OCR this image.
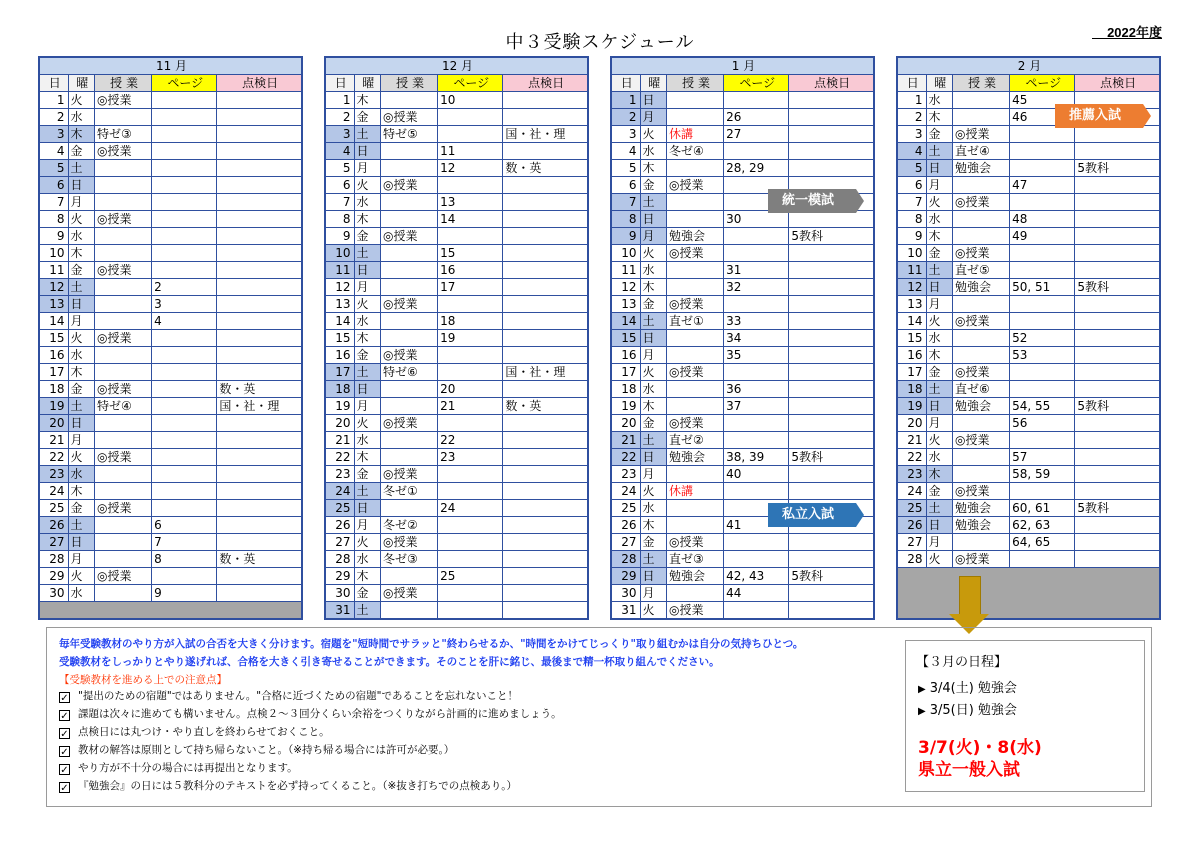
中３受験スケジュール	2022年度
11 月				
日	曜	授 業	ページ	点検日
1	火	◎授業		
2	水			
3	木	特ゼ③		
4	金	◎授業		
5	土			
6	日			
7	月			
8	火	◎授業		
9	水			
10	木			
11	金	◎授業		
12	土		2	
13	日		3	
14	月		4	
15	火	◎授業		
16	水			
17	木			
18	金	◎授業		数・英
19	土	特ゼ④		国・社・理
20	日			
21	月			
22	火	◎授業		
23	水			
24	木			
25	金	◎授業		
26	土		6	
27	日		7	
28	月		8	数・英
29	火	◎授業		
30	水		9	

12 月				
日	曜	授 業	ページ	点検日
1	木		10	
2	金	◎授業		
3	土	特ゼ⑤		国・社・理
4	日		11	
5	月		12	数・英
6	火	◎授業		
7	水		13	
8	木		14	
9	金	◎授業		
10	土		15	
11	日		16	
12	月		17	
13	火	◎授業		
14	水		18	
15	木		19	
16	金	◎授業		
17	土	特ゼ⑥		国・社・理
18	日		20	
19	月		21	数・英
20	火	◎授業		
21	水		22	
22	木		23	
23	金	◎授業		
24	土	冬ゼ①		
25	日		24	
26	月	冬ゼ②		
27	火	◎授業		
28	水	冬ゼ③		
29	木		25	
30	金	◎授業		
31	土			
1 月				
日	曜	授 業	ページ	点検日
1	日			
2	月		26	
3	火	休講	27	
4	水	冬ゼ④		
5	木		28, 29	
6	金	◎授業		
7	土			
8	日		30	
9	月	勉強会		5教科
10	火	◎授業		
11	水		31	
12	木		32	
13	金	◎授業		
14	土	直ゼ①	33	
15	日		34	
16	月		35	
17	火	◎授業		
18	水		36	
19	木		37	
20	金	◎授業		
21	土	直ゼ②		
22	日	勉強会	38, 39	5教科
23	月		40	
24	火	休講		
25	水			
26	木		41	
27	金	◎授業		
28	土	直ゼ③		
29	日	勉強会	42, 43	5教科
30	月		44	
31	火	◎授業		
2 月				
日	曜	授 業	ページ	点検日
1	水		45	
2	木		46	
3	金	◎授業		
4	土	直ゼ④		
5	日	勉強会		5教科
6	月		47	
7	火	◎授業		
8	水		48	
9	木		49	
10	金	◎授業		
11	土	直ゼ⑤		
12	日	勉強会	50, 51	5教科
13	月			
14	火	◎授業		
15	水		52	
16	木		53	
17	金	◎授業		
18	土	直ゼ⑥		
19	日	勉強会	54, 55	5教科
20	月		56	
21	火	◎授業		
22	水		57	
23	木		58, 59	
24	金	◎授業		
25	土	勉強会	60, 61	5教科
26	日	勉強会	62, 63	
27	月		64, 65	
28	火	◎授業		

統一模試
私立入試
推薦入試

毎年受験教材のやり方が入試の合否を大きく分けます。宿題を"短時間でサラッと"終わらせるか、"時間をかけてじっくり"取り組むかは自分の気持ちひとつ。

受験教材をしっかりとやり遂げれば、合格を大きく引き寄せることができます。そのことを肝に銘じ、最後まで精一杯取り組んでください。

【受験教材を進める上での注意点】

✓ "提出のための宿題"ではありません。"合格に近づくための宿題"であることを忘れないこと！
✓ 課題は次々に進めても構いません。点検２～３回分くらい余裕をつくりながら計画的に進めましょう。
✓ 点検日には丸つけ・やり直しを終わらせておくこと。
✓ 教材の解答は原則として持ち帰らないこと。（※持ち帰る場合には許可が必要。）
✓ やり方が不十分の場合には再提出となります。
✓ 『勉強会』の日には５教科分のテキストを必ず持ってくること。（※抜き打ちでの点検あり。）
【３月の日程】
▶ 3/4(土) 勉強会
▶ 3/5(日) 勉強会
3/7(火)・8(水)
県立一般入試
